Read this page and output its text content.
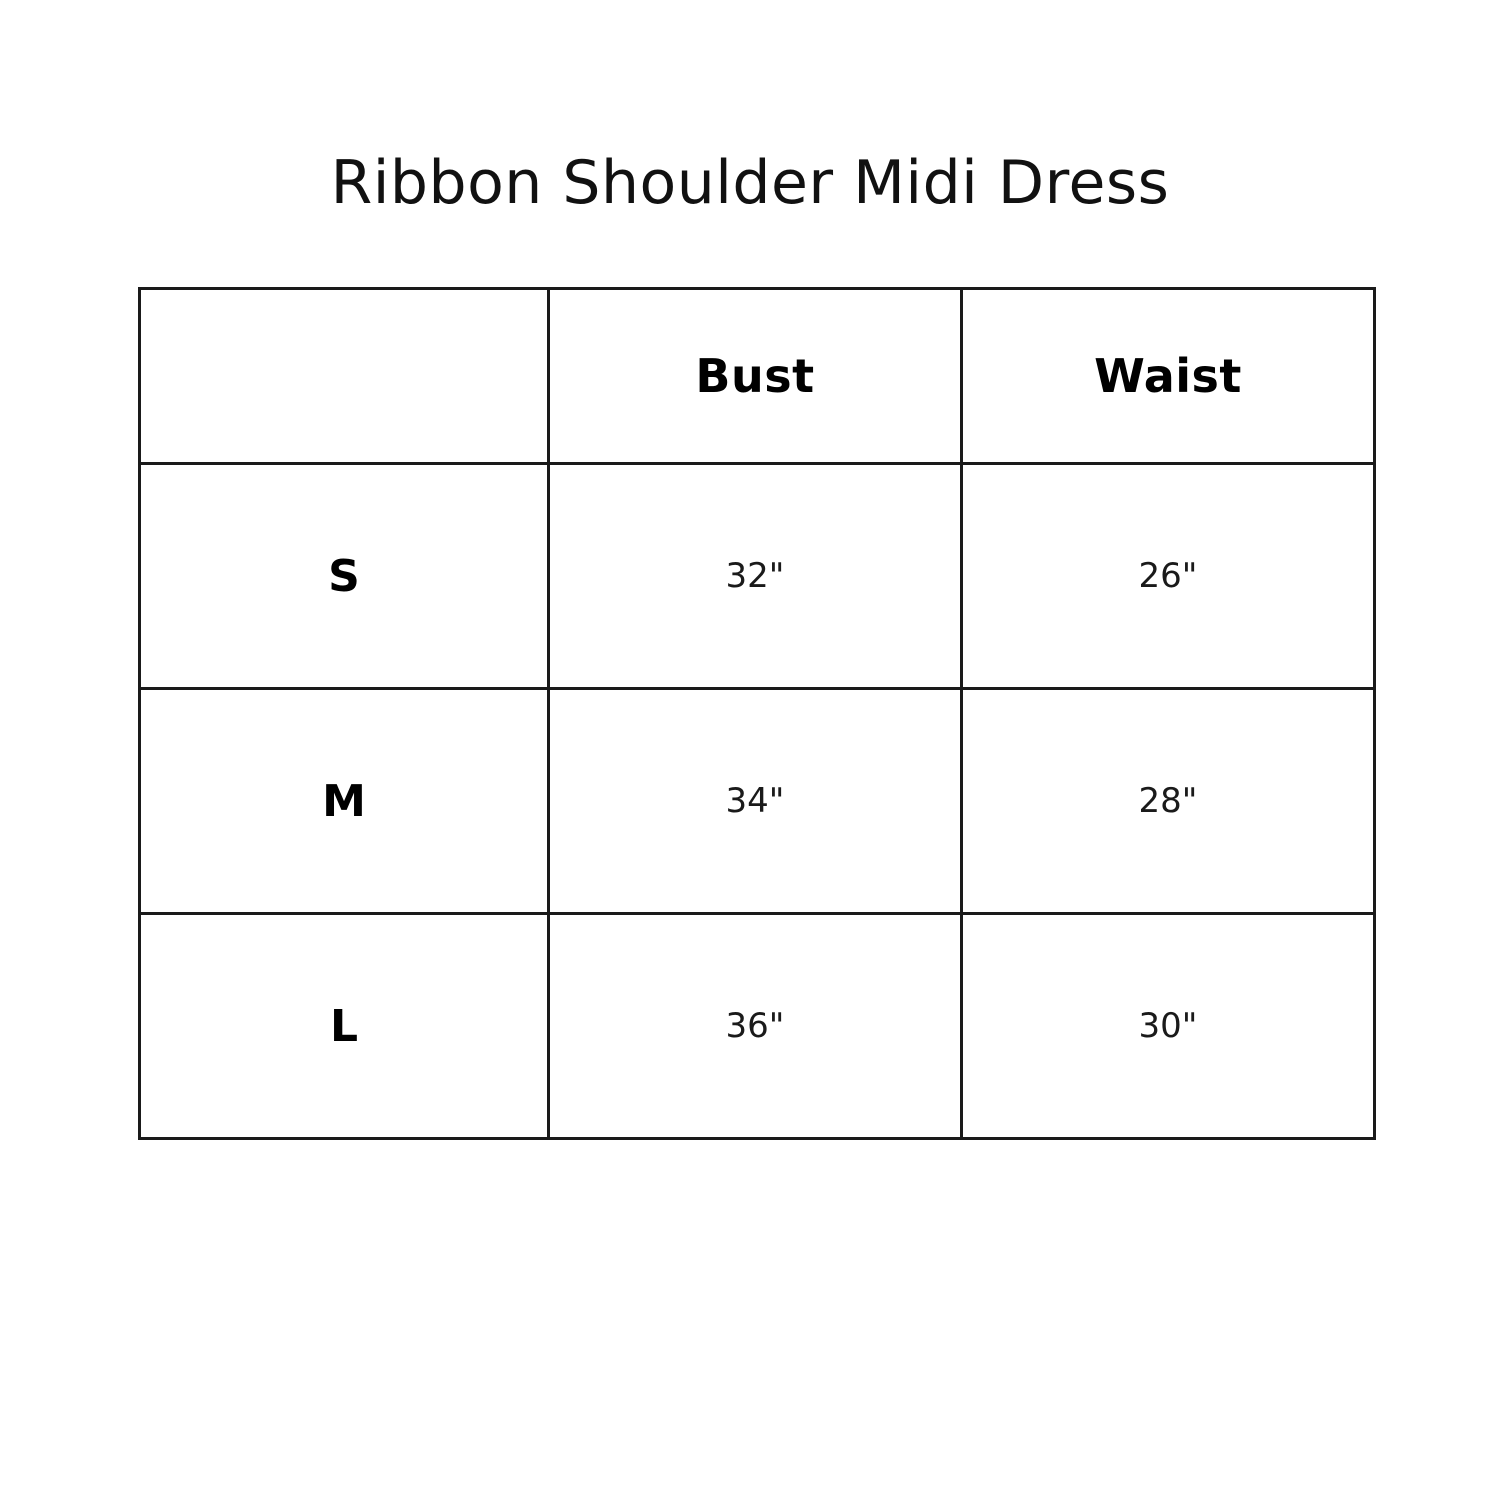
Ribbon Shoulder Midi Dress
	Bust	Waist
S	32"	26"
M	34"	28"
L	36"	30"
